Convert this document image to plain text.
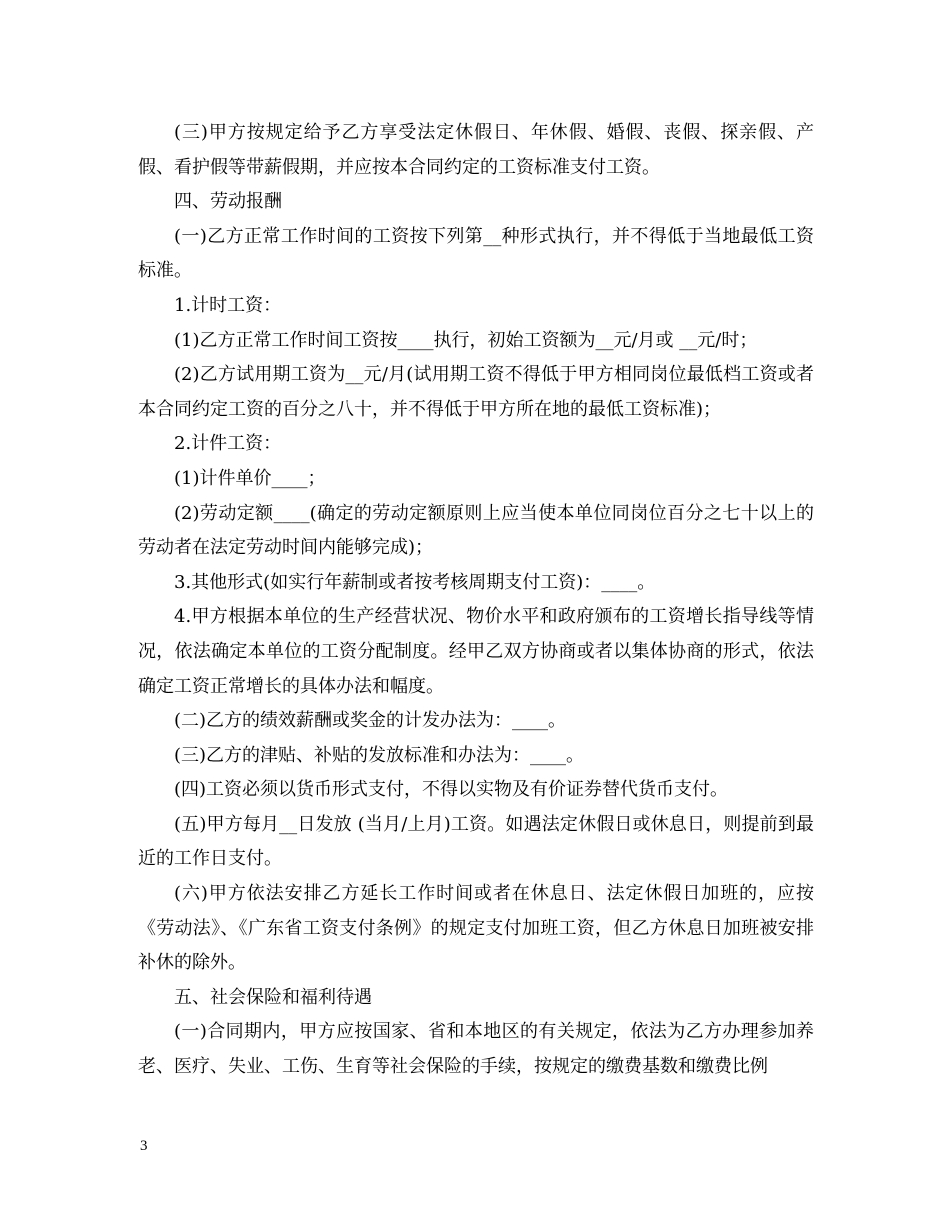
(三)甲方按规定给予乙方享受法定休假日、年休假、婚假、丧假、探亲假、产假、看护假等带薪假期，并应按本合同约定的工资标准支付工资。

四、劳动报酬

(一)乙方正常工作时间的工资按下列第__种形式执行，并不得低于当地最低工资标准。

1.计时工资：

(1)乙方正常工作时间工资按____执行，初始工资额为__元/月或 __元/时；

(2)乙方试用期工资为__元/月(试用期工资不得低于甲方相同岗位最低档工资或者本合同约定工资的百分之八十，并不得低于甲方所在地的最低工资标准)；

2.计件工资：

(1)计件单价____；

(2)劳动定额____(确定的劳动定额原则上应当使本单位同岗位百分之七十以上的劳动者在法定劳动时间内能够完成)；

3.其他形式(如实行年薪制或者按考核周期支付工资)：____。

4.甲方根据本单位的生产经营状况、物价水平和政府颁布的工资增长指导线等情况，依法确定本单位的工资分配制度。经甲乙双方协商或者以集体协商的形式，依法确定工资正常增长的具体办法和幅度。

(二)乙方的绩效薪酬或奖金的计发办法为：____。

(三)乙方的津贴、补贴的发放标准和办法为：____。

(四)工资必须以货币形式支付，不得以实物及有价证券替代货币支付。

(五)甲方每月__日发放 (当月/上月)工资。如遇法定休假日或休息日，则提前到最近的工作日支付。

(六)甲方依法安排乙方延长工作时间或者在休息日、法定休假日加班的，应按《劳动法》、《广东省工资支付条例》的规定支付加班工资，但乙方休息日加班被安排补休的除外。

五、社会保险和福利待遇

(一)合同期内，甲方应按国家、省和本地区的有关规定，依法为乙方办理参加养老、医疗、失业、工伤、生育等社会保险的手续，按规定的缴费基数和缴费比例

3
